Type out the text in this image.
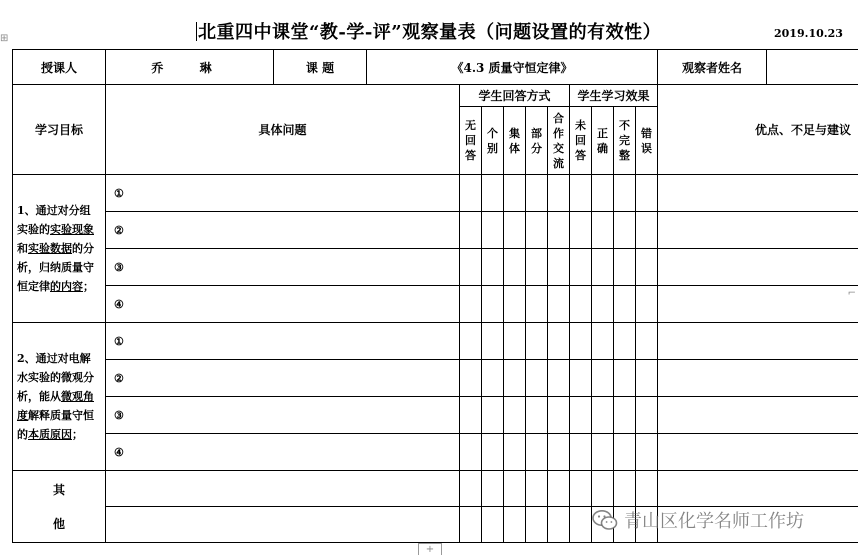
⊞
⌐
北重四中课堂“教-学-评”观察量表（问题设置的有效性）	2019.10.23
授课人	乔 琳	课 题	《4.3 质量守恒定律》										观察者姓名	
学习目标	具体问题			学生回答方式					学生学习效果				优点、不足与建议	
				无回答	个别	集体	部分	合作交流	未回答	正确	不完整	错误		
1、通过对分组实验的实验现象和实验数据的分析，归纳质量守恒定律的内容；	①													
	②													
	③													
	④													
2、通过对电解水实验的微观分析，能从微观角度解释质量守恒的本质原因；	①													
	②													
	③													
	④													

其
他														

											青山区化学名师工作坊
+
